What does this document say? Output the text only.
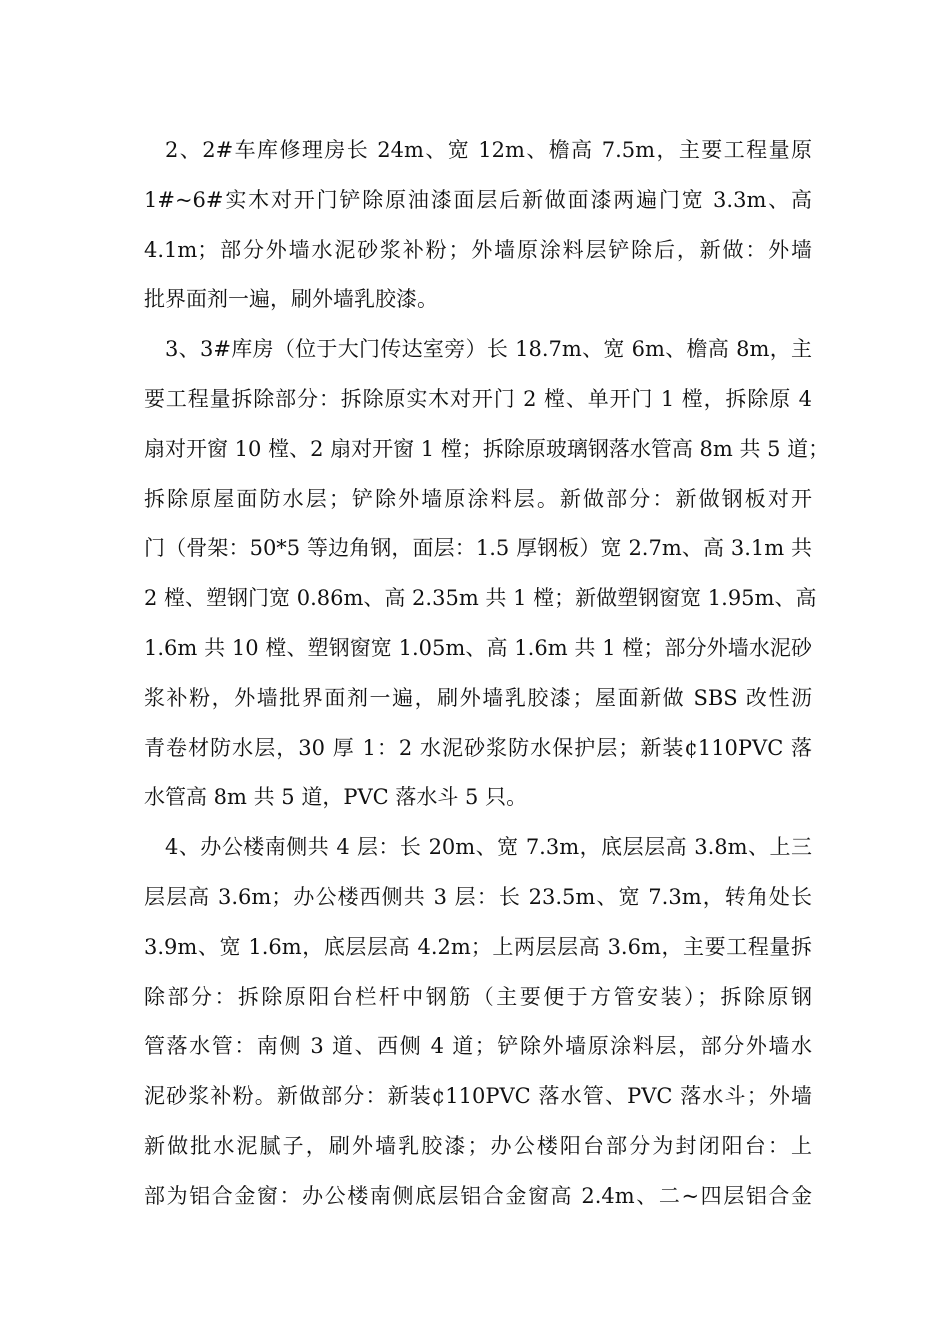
2、2#车库修理房长 24m、宽 12m、檐高 7.5m，主要工程量原
1#~6#实木对开门铲除原油漆面层后新做面漆两遍门宽 3.3m、高
4.1m；部分外墙水泥砂浆补粉；外墙原涂料层铲除后，新做：外墙
批界面剂一遍，刷外墙乳胶漆。
3、3#库房（位于大门传达室旁）长 18.7m、宽 6m、檐高 8m，主
要工程量拆除部分：拆除原实木对开门 2 樘、单开门 1 樘，拆除原 4
扇对开窗 10 樘、2 扇对开窗 1 樘；拆除原玻璃钢落水管高 8m 共 5 道；
拆除原屋面防水层；铲除外墙原涂料层。新做部分：新做钢板对开
门（骨架：50*5 等边角钢，面层：1.5 厚钢板）宽 2.7m、高 3.1m 共
2 樘、塑钢门宽 0.86m、高 2.35m 共 1 樘；新做塑钢窗宽 1.95m、高
1.6m 共 10 樘、塑钢窗宽 1.05m、高 1.6m 共 1 樘；部分外墙水泥砂
浆补粉，外墙批界面剂一遍，刷外墙乳胶漆；屋面新做 SBS 改性沥
青卷材防水层，30 厚 1：2 水泥砂浆防水保护层；新装¢110PVC 落
水管高 8m 共 5 道，PVC 落水斗 5 只。
4、办公楼南侧共 4 层：长 20m、宽 7.3m，底层层高 3.8m、上三
层层高 3.6m；办公楼西侧共 3 层：长 23.5m、宽 7.3m，转角处长
3.9m、宽 1.6m，底层层高 4.2m；上两层层高 3.6m，主要工程量拆
除部分：拆除原阳台栏杆中钢筋（主要便于方管安装）；拆除原钢
管落水管：南侧 3 道、西侧 4 道；铲除外墙原涂料层，部分外墙水
泥砂浆补粉。新做部分：新装¢110PVC 落水管、PVC 落水斗；外墙
新做批水泥腻子，刷外墙乳胶漆；办公楼阳台部分为封闭阳台：上
部为铝合金窗：办公楼南侧底层铝合金窗高 2.4m、二~四层铝合金
